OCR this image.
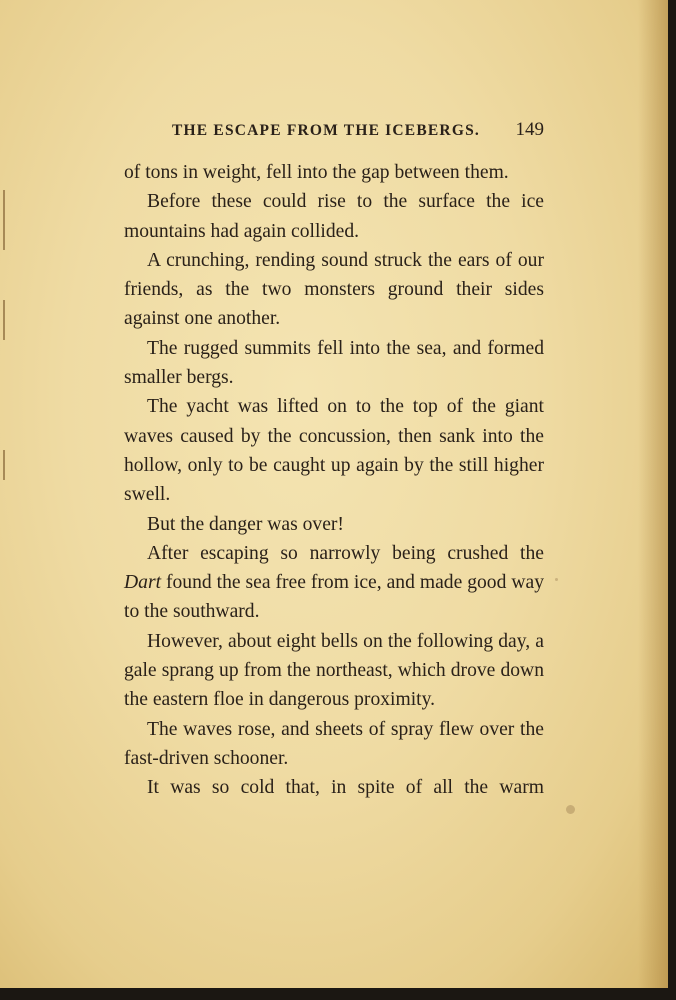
THE ESCAPE FROM THE ICEBERGS. 149

of tons in weight, fell into the gap between them.

Before these could rise to the surface the ice mountains had again collided.

A crunching, rending sound struck the ears of our friends, as the two monsters ground their sides against one another.

The rugged summits fell into the sea, and formed smaller bergs.

The yacht was lifted on to the top of the giant waves caused by the concussion, then sank into the hollow, only to be caught up again by the still higher swell.

But the danger was over!

After escaping so narrowly being crushed the Dart found the sea free from ice, and made good way to the southward.

However, about eight bells on the following day, a gale sprang up from the northeast, which drove down the eastern floe in dangerous proximity.

The waves rose, and sheets of spray flew over the fast-driven schooner.

It was so cold that, in spite of all the warm
